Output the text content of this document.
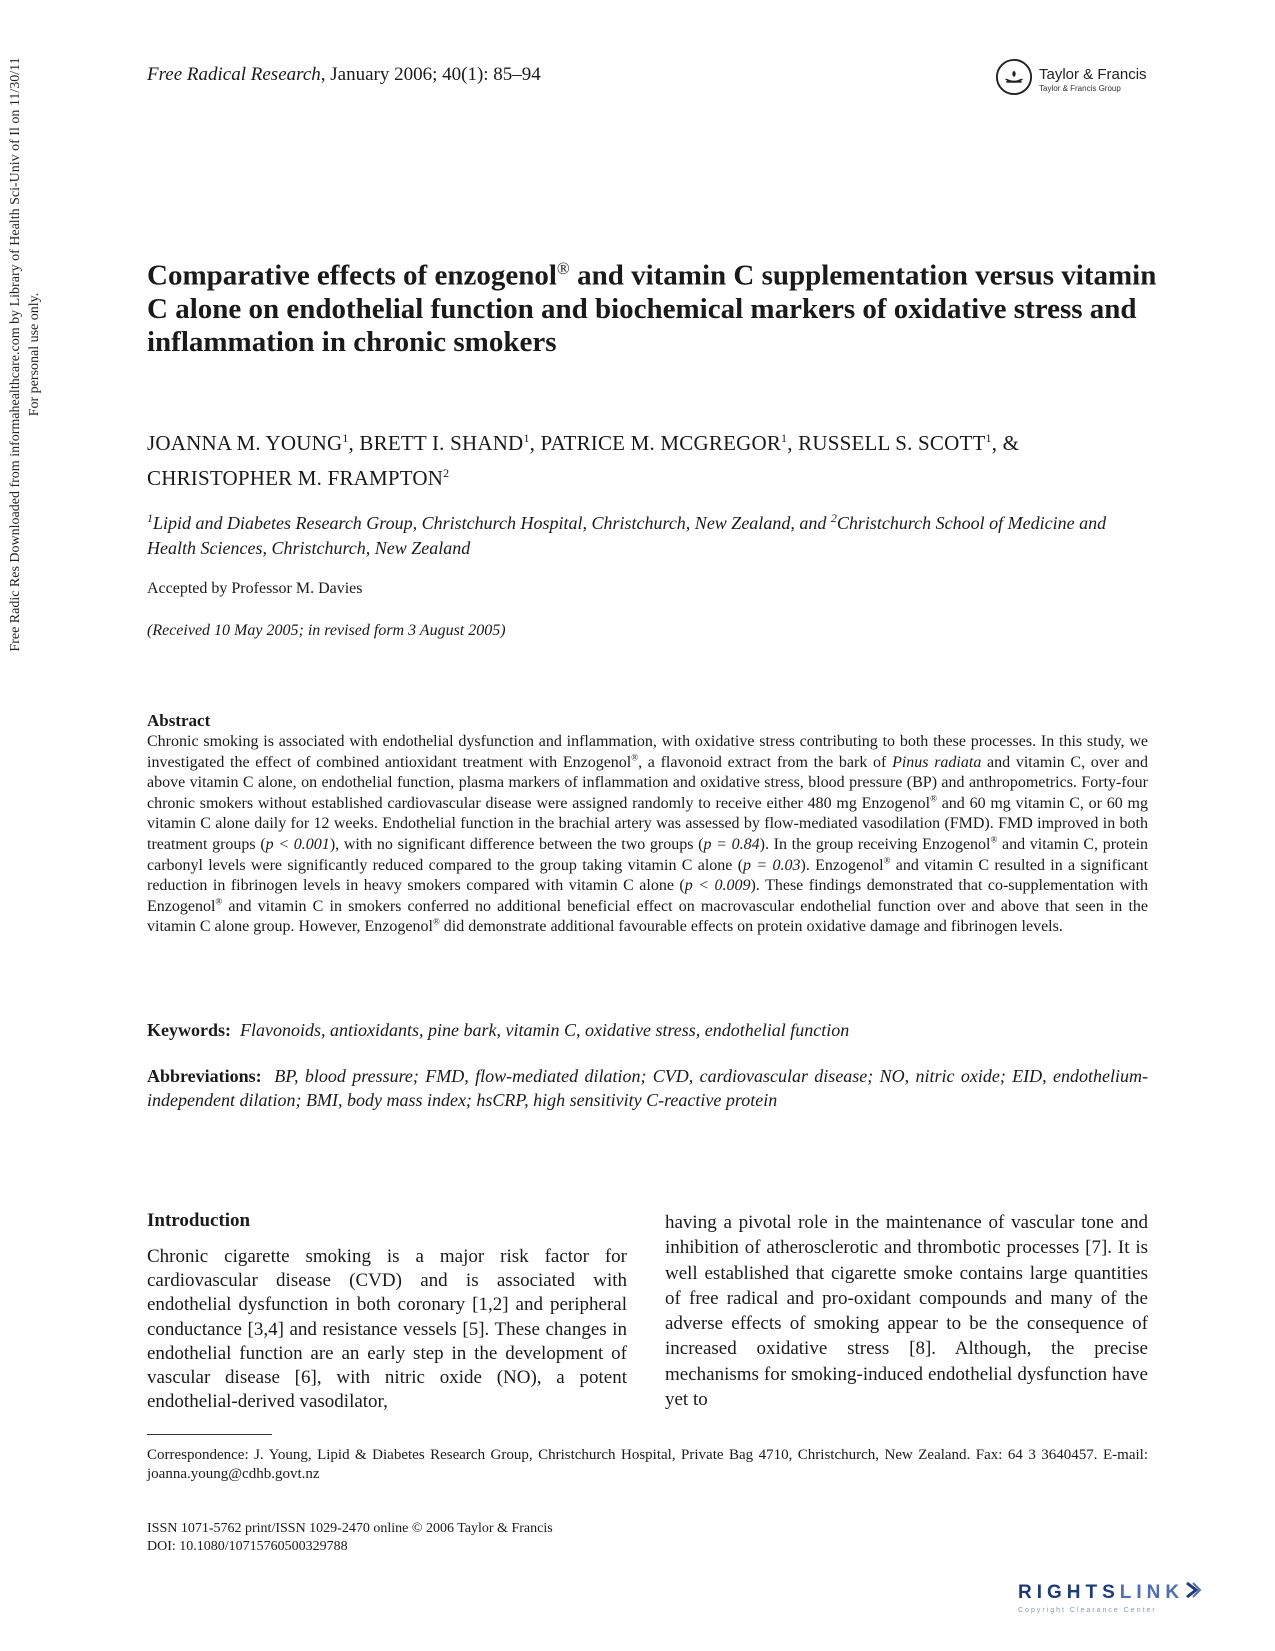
Free Radical Research, January 2006; 40(1): 85–94	Taylor & Francis
Taylor & Francis Group
Free Radic Res Downloaded from informahealthcare.com by Library of Health Sci-Univ of Il on 11/30/11 For personal use only.
Comparative effects of enzogenol® and vitamin C supplementation versus vitamin C alone on endothelial function and biochemical markers of oxidative stress and inflammation in chronic smokers
JOANNA M. YOUNG$^1$, BRETT I. SHAND$^1$, PATRICE M. MCGREGOR$^1$, RUSSELL S. SCOTT$^1$, & CHRISTOPHER M. FRAMPTON$^2$
$^1$Lipid and Diabetes Research Group, Christchurch Hospital, Christchurch, New Zealand, and $^2$Christchurch School of Medicine and Health Sciences, Christchurch, New Zealand
Accepted by Professor M. Davies
(Received 10 May 2005; in revised form 3 August 2005)
Abstract
Chronic smoking is associated with endothelial dysfunction and inflammation, with oxidative stress contributing to both these processes. In this study, we investigated the effect of combined antioxidant treatment with Enzogenol®, a flavonoid extract from the bark of Pinus radiata and vitamin C, over and above vitamin C alone, on endothelial function, plasma markers of inflammation and oxidative stress, blood pressure (BP) and anthropometrics. Forty-four chronic smokers without established cardiovascular disease were assigned randomly to receive either 480 mg Enzogenol® and 60 mg vitamin C, or 60 mg vitamin C alone daily for 12 weeks. Endothelial function in the brachial artery was assessed by flow-mediated vasodilation (FMD). FMD improved in both treatment groups (p < 0.001), with no significant difference between the two groups (p = 0.84). In the group receiving Enzogenol® and vitamin C, protein carbonyl levels were significantly reduced compared to the group taking vitamin C alone (p = 0.03). Enzogenol® and vitamin C resulted in a significant reduction in fibrinogen levels in heavy smokers compared with vitamin C alone (p < 0.009). These findings demonstrated that co-supplementation with Enzogenol® and vitamin C in smokers conferred no additional beneficial effect on macrovascular endothelial function over and above that seen in the vitamin C alone group. However, Enzogenol® did demonstrate additional favourable effects on protein oxidative damage and fibrinogen levels.
Keywords: Flavonoids, antioxidants, pine bark, vitamin C, oxidative stress, endothelial function
Abbreviations: BP, blood pressure; FMD, flow-mediated dilation; CVD, cardiovascular disease; NO, nitric oxide; EID, endothelium-independent dilation; BMI, body mass index; hsCRP, high sensitivity C-reactive protein
Introduction
Chronic cigarette smoking is a major risk factor for cardiovascular disease (CVD) and is associated with endothelial dysfunction in both coronary [1,2] and peripheral conductance [3,4] and resistance vessels [5]. These changes in endothelial function are an early step in the development of vascular disease [6], with nitric oxide (NO), a potent endothelial-derived vasodilator,
having a pivotal role in the maintenance of vascular tone and inhibition of atherosclerotic and thrombotic processes [7]. It is well established that cigarette smoke contains large quantities of free radical and pro-oxidant compounds and many of the adverse effects of smoking appear to be the consequence of increased oxidative stress [8]. Although, the precise mechanisms for smoking-induced endothelial dysfunction have yet to
Correspondence: J. Young, Lipid & Diabetes Research Group, Christchurch Hospital, Private Bag 4710, Christchurch, New Zealand. Fax: 64 3 3640457. E-mail: joanna.young@cdhb.govt.nz
ISSN 1071-5762 print/ISSN 1029-2470 online © 2006 Taylor & Francis
DOI: 10.1080/10715760500329788
RIGHTS LINK
Copyright Clearance Center
